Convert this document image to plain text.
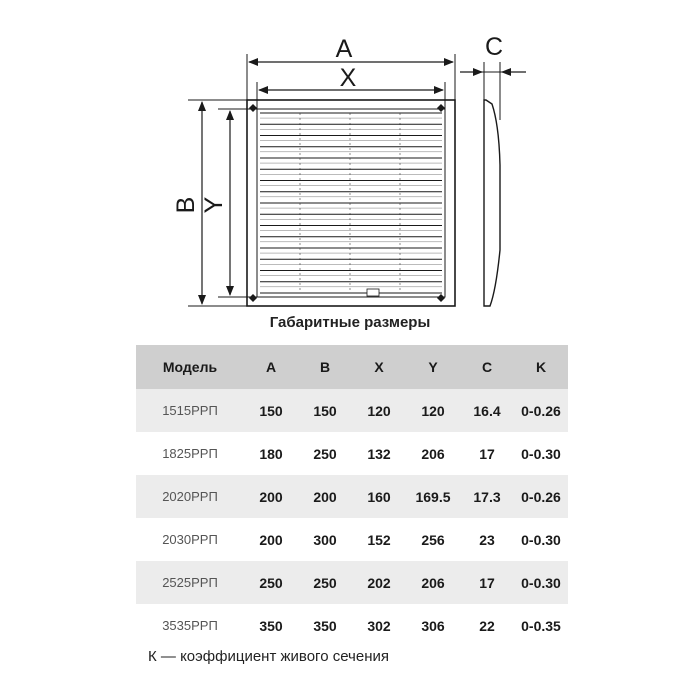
A
X
B Y
C
Габаритные размеры
Модель	A	B	X	Y	C	K
1515РРП	150	150	120	120	16.4	0-0.26
1825РРП	180	250	132	206	17	0-0.30
2020РРП	200	200	160	169.5	17.3	0-0.26
2030РРП	200	300	152	256	23	0-0.30
2525РРП	250	250	202	206	17	0-0.30
3535РРП	350	350	302	306	22	0-0.35
К — коэффициент живого сечения
